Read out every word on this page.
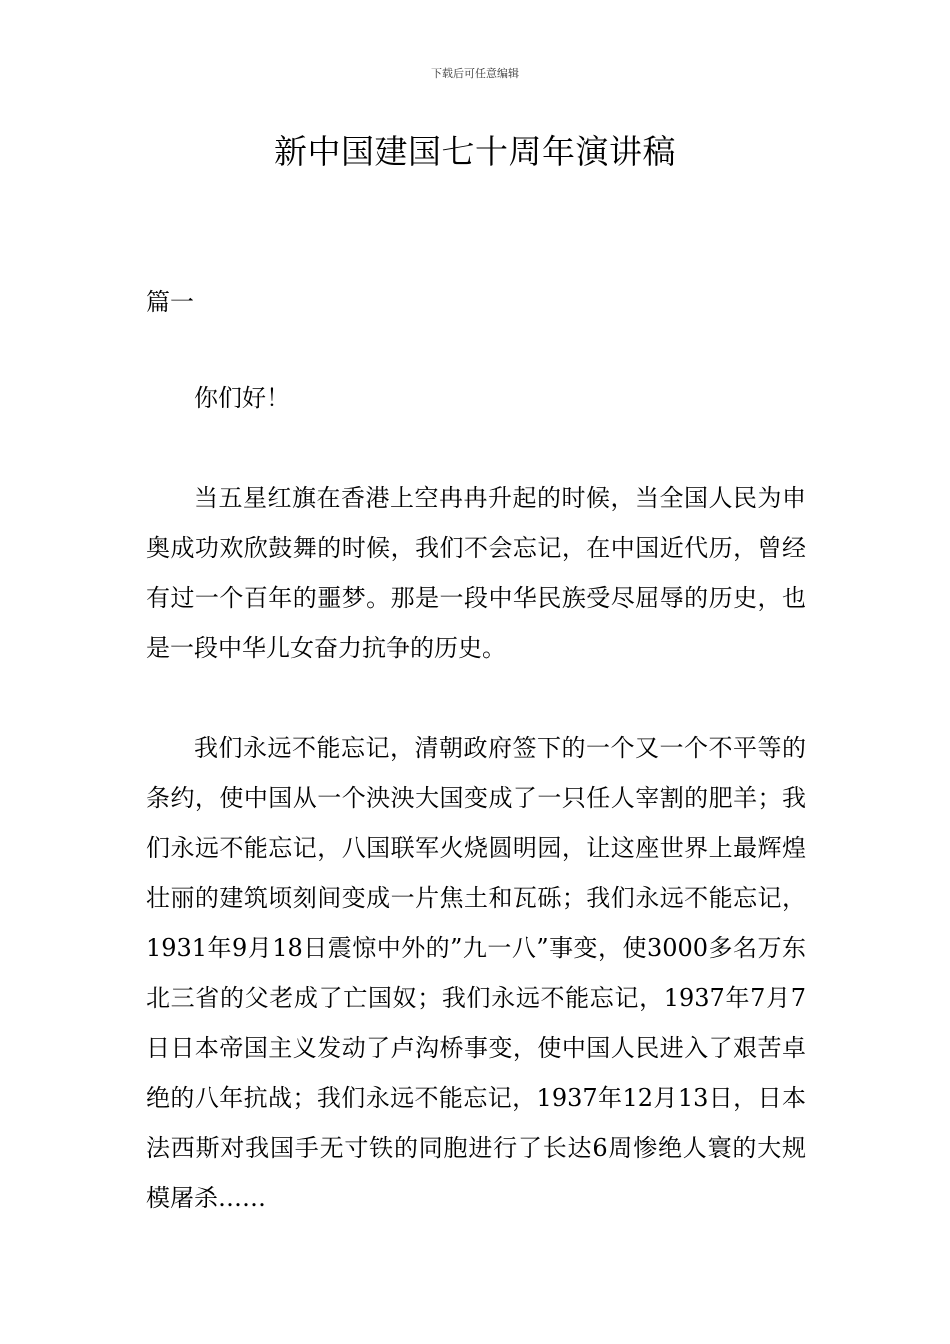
下载后可任意编辑
新中国建国七十周年演讲稿
篇一
你们好！

当五星红旗在香港上空冉冉升起的时候，当全国人民为申奥成功欢欣鼓舞的时候，我们不会忘记，在中国近代历，曾经有过一个百年的噩梦。那是一段中华民族受尽屈辱的历史，也是一段中华儿女奋力抗争的历史。

我们永远不能忘记，清朝政府签下的一个又一个不平等的条约，使中国从一个泱泱大国变成了一只任人宰割的肥羊；我们永远不能忘记，八国联军火烧圆明园，让这座世界上最辉煌壮丽的建筑顷刻间变成一片焦土和瓦砾；我们永远不能忘记，1931年9月18日震惊中外的”九一八”事变，使3000多名万东北三省的父老成了亡国奴；我们永远不能忘记，1937年7月7日日本帝国主义发动了卢沟桥事变，使中国人民进入了艰苦卓绝的八年抗战；我们永远不能忘记，1937年12月13日，日本法西斯对我国手无寸铁的同胞进行了长达6周惨绝人寰的大规模屠杀……
